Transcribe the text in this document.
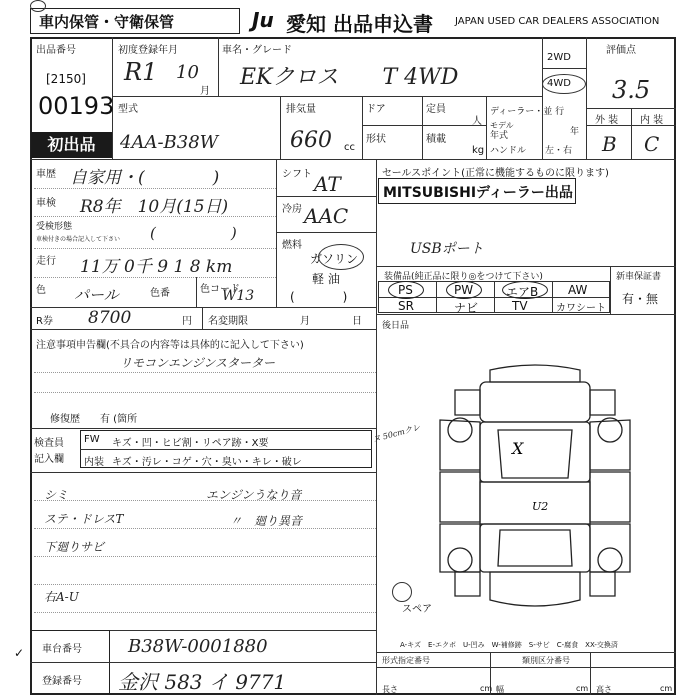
車内保管・守衛保管	Ju 愛知 出品申込書 JAPAN USED CAR DEALERS ASSOCIATION
出品番号
[2150]
00193
初出品
初度登録年月
R1 10
月
車名・グレード
EKクロス　　T 4WD
2WD
4WD
評価点
3.5
外 装 内 装
B C
型式
4AA-B38W
排気量
660 cc
ドア
形状
定員
人
積載
kg
ディーラー・並 行
モデル
年式	年
ハンドル 左・右
車歴 自家用・(　　　　)
車検 R8年　10月(15日)
受検形態
車検付きの場合記入して下さい (　　　　　)
走行 11万 0千 9 1 8 km
色 パール	色番	色コード
W13
シフト AT
冷房 AAC
燃料
ガソリン
軽 油
(　　　　)
R券 8700	円 名変期限	月	日
注意事項申告欄(不具合の内容等は具体的に記入して下さい)
リモコンエンジンスターター
修復歴　　有 (箇所
検査員
記入欄
FW キズ・凹・ヒビ割・リペア跡・X要
内装 キズ・汚レ・コゲ・穴・臭い・キレ・破レ
ヌ 50cmクレ
シミ
ステ・ドレスT
下廻りサビ
右A-U
エンジンうなり音
〃　廻り異音
セールスポイント(正常に機能するものに限ります)
MITSUBISHIディーラー出品
USBポート
装備品(純正品に限り◎をつけて下さい)
PS	PW	エアB AW
SR	ナビ	TV	カワシート
新車保証書
有・無
後日品
X
U2
スペア
A-キズ　E-エクボ　U-凹み　W-補修跡　S-サビ　C-腐食　XX-交換済
車台番号	B38W-0001880
登録番号 金沢 583 イ 9771
形式指定番号	類別区分番号
長さ	cm 幅	cm 高さ	cm
✓
